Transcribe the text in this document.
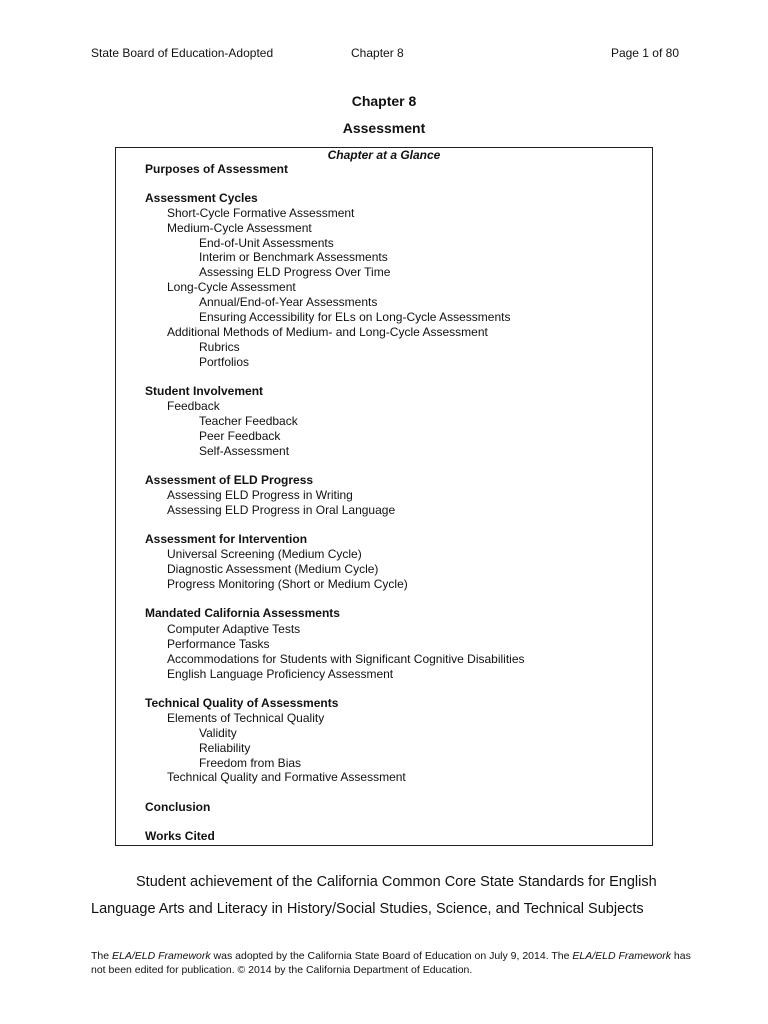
State Board of Education-Adopted	Chapter 8	Page 1 of 80
Chapter 8
Assessment
Chapter at a Glance
Purposes of Assessment
Assessment Cycles
Short-Cycle Formative Assessment
Medium-Cycle Assessment
End-of-Unit Assessments
Interim or Benchmark Assessments
Assessing ELD Progress Over Time
Long-Cycle Assessment
Annual/End-of-Year Assessments
Ensuring Accessibility for ELs on Long-Cycle Assessments
Additional Methods of Medium- and Long-Cycle Assessment
Rubrics
Portfolios
Student Involvement
Feedback
Teacher Feedback
Peer Feedback
Self-Assessment
Assessment of ELD Progress
Assessing ELD Progress in Writing
Assessing ELD Progress in Oral Language
Assessment for Intervention
Universal Screening (Medium Cycle)
Diagnostic Assessment (Medium Cycle)
Progress Monitoring (Short or Medium Cycle)
Mandated California Assessments
Computer Adaptive Tests
Performance Tasks
Accommodations for Students with Significant Cognitive Disabilities
English Language Proficiency Assessment
Technical Quality of Assessments
Elements of Technical Quality
Validity
Reliability
Freedom from Bias
Technical Quality and Formative Assessment
Conclusion
Works Cited
Student achievement of the California Common Core State Standards for English
Language Arts and Literacy in History/Social Studies, Science, and Technical Subjects
The ELA/ELD Framework was adopted by the California State Board of Education on July 9, 2014. The ELA/ELD Framework has not been edited for publication. © 2014 by the California Department of Education.
